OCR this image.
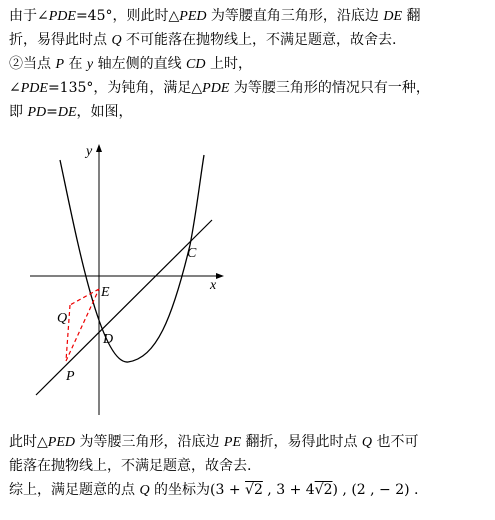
由于∠PDE=45°，则此时△PED 为等腰直角三角形，沿底边 DE 翻
折，易得此时点 Q 不可能落在抛物线上，不满足题意，故舍去.
②当点 P 在 y 轴左侧的直线 CD 上时，
∠PDE=135°，为钝角，满足△PDE 为等腰三角形的情况只有一种，
即 PD=DE，如图，
y
x
C
E
Q
D
P
此时△PED 为等腰三角形，沿底边 PE 翻折，易得此时点 Q 也不可
能落在抛物线上，不满足题意，故舍去.
综上，满足题意的点 Q 的坐标为(3 + √2 , 3 + 4√2) , (2 , − 2) .
